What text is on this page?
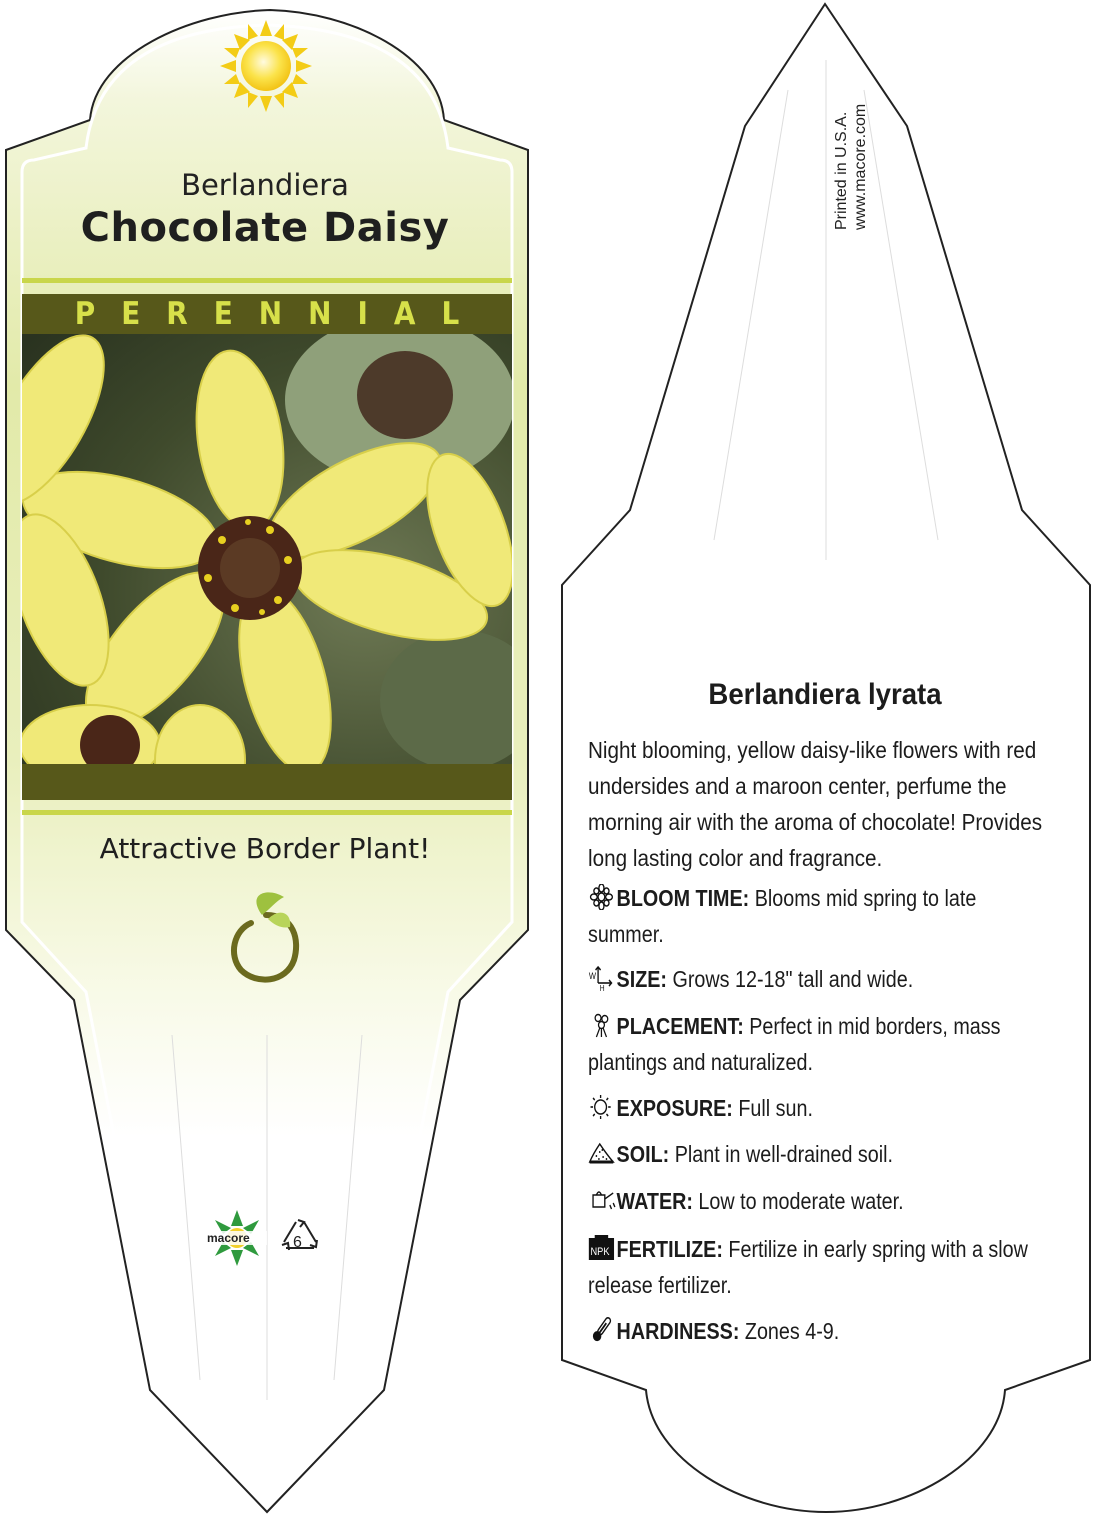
Berlandiera
Chocolate Daisy
PERENNIAL
Attractive Border Plant!
macore	6
Printed in U.S.A. www.macore.com
Berlandiera lyrata
Night blooming, yellow daisy-like flowers with red undersides and a maroon center, perfume the morning air with the aroma of chocolate! Provides long lasting color and fragrance.
BLOOM TIME: Blooms mid spring to late summer.
W
H SIZE: Grows 12-18" tall and wide.
PLACEMENT: Perfect in mid borders, mass plantings and naturalized.
EXPOSURE: Full sun.
SOIL: Plant in well-drained soil.
WATER: Low to moderate water.
NPK FERTILIZE: Fertilize in early spring with a slow release fertilizer.
HARDINESS: Zones 4-9.
